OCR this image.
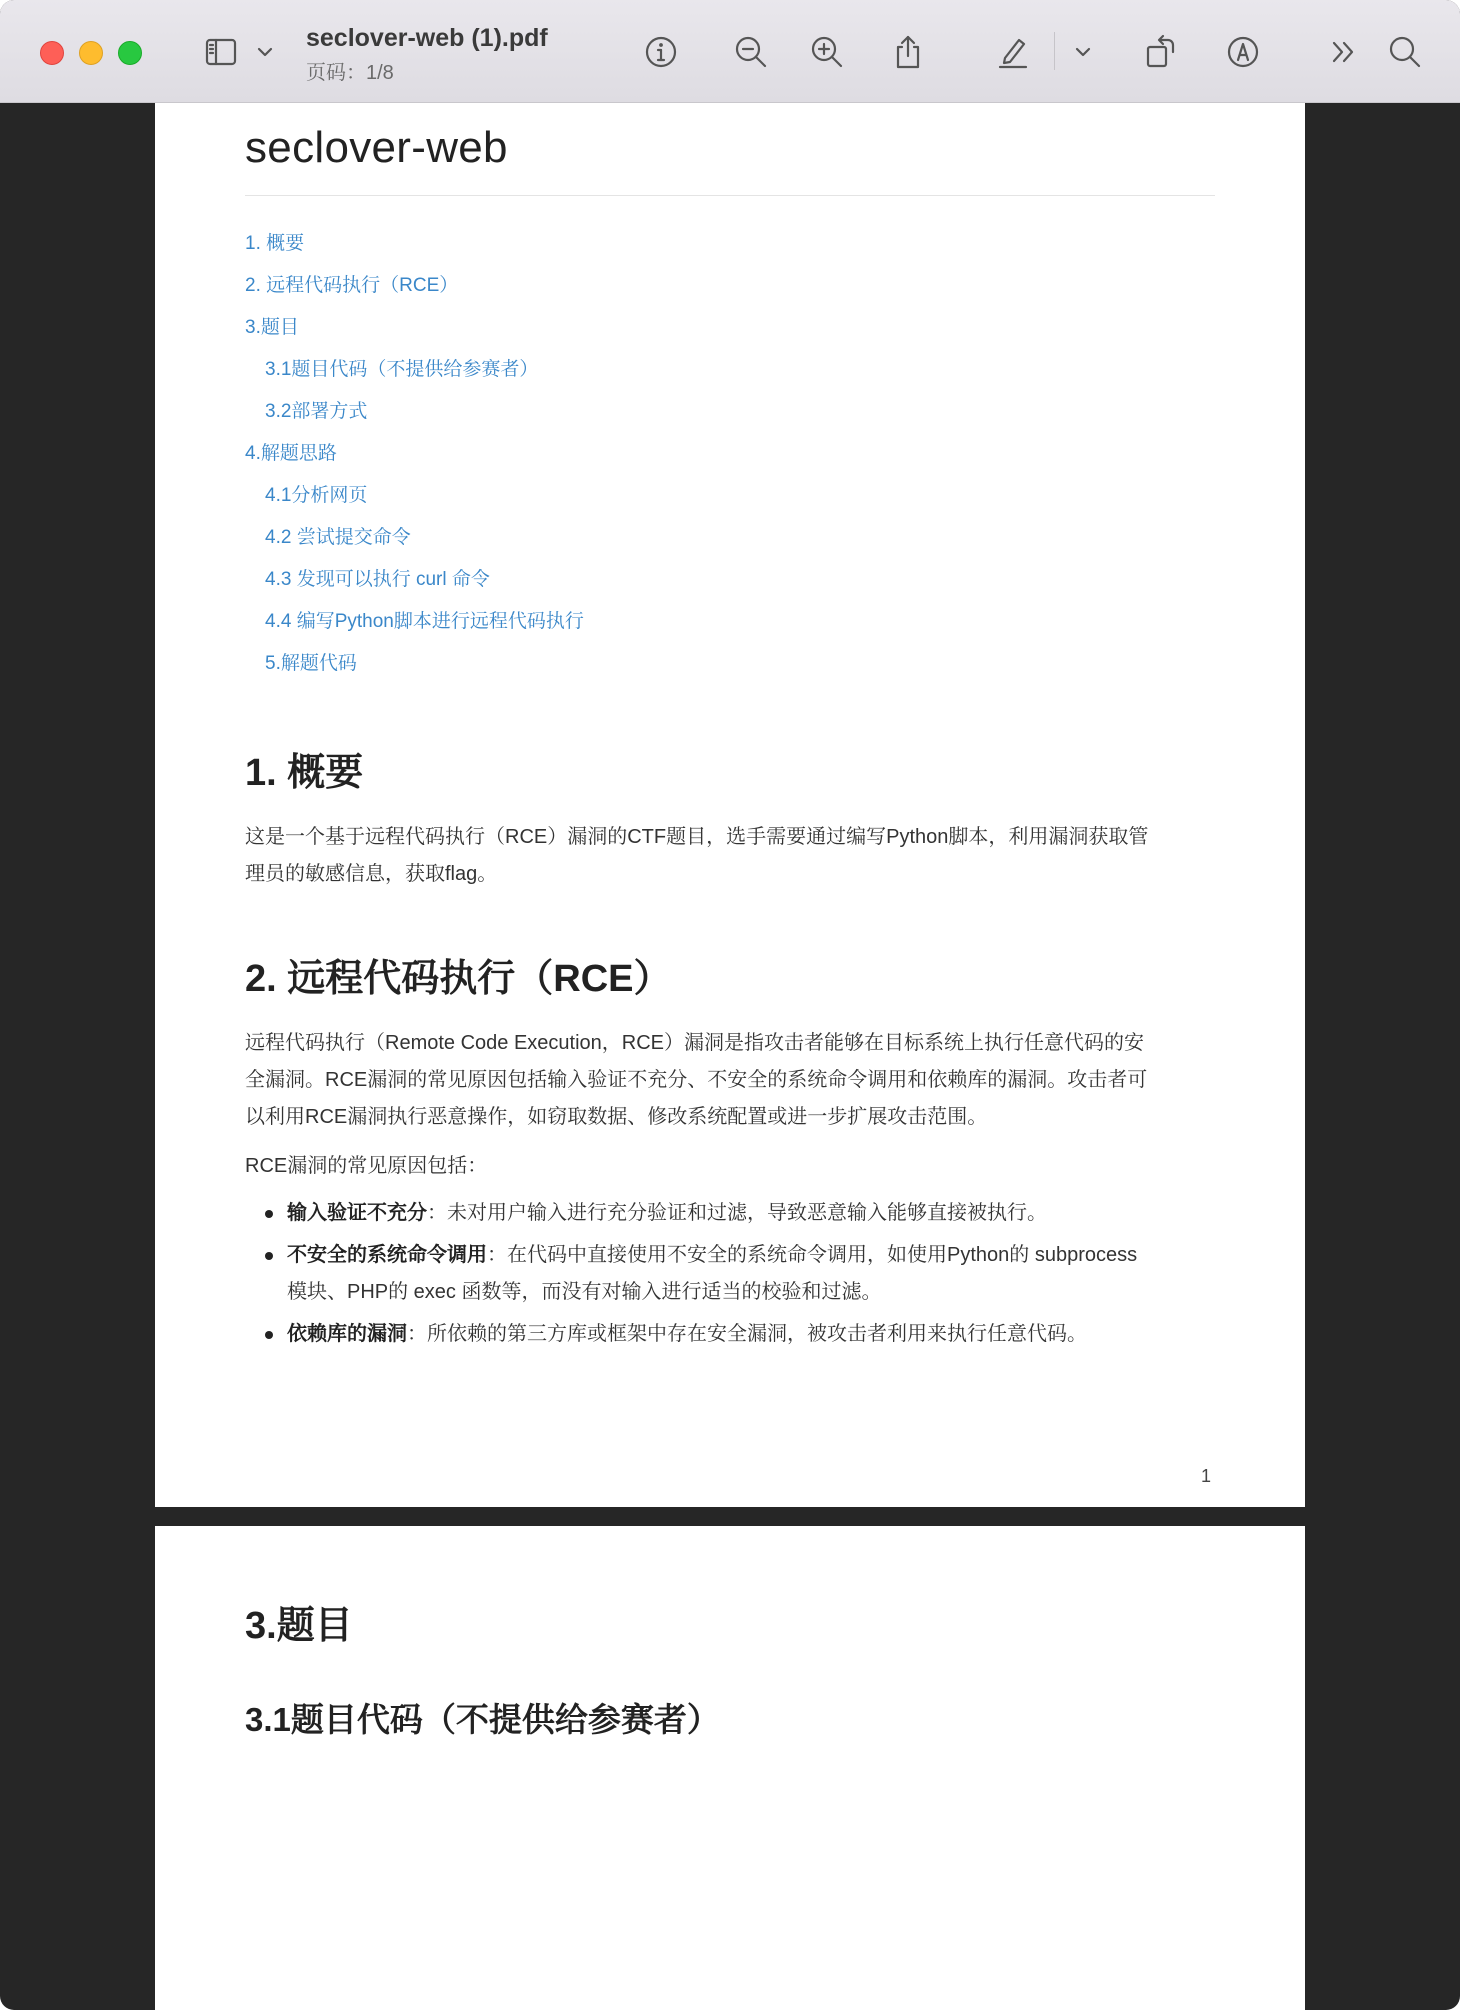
seclover-web (1).pdf
页码：1/8
seclover-web
1. 概要
2. 远程代码执行（RCE）
3.题目
3.1题目代码（不提供给参赛者）
3.2部署方式
4.解题思路
4.1分析网页
4.2 尝试提交命令
4.3 发现可以执行 curl 命令
4.4 编写Python脚本进行远程代码执行
5.解题代码
1. 概要
这是一个基于远程代码执行（RCE）漏洞的CTF题目，选手需要通过编写Python脚本，利用漏洞获取管
理员的敏感信息，获取flag。
2. 远程代码执行（RCE）
远程代码执行（Remote Code Execution，RCE）漏洞是指攻击者能够在目标系统上执行任意代码的安
全漏洞。RCE漏洞的常见原因包括输入验证不充分、不安全的系统命令调用和依赖库的漏洞。攻击者可
以利用RCE漏洞执行恶意操作，如窃取数据、修改系统配置或进一步扩展攻击范围。
RCE漏洞的常见原因包括：
输入验证不充分：未对用户输入进行充分验证和过滤，导致恶意输入能够直接被执行。
不安全的系统命令调用：在代码中直接使用不安全的系统命令调用，如使用Python的 subprocess
模块、PHP的 exec 函数等，而没有对输入进行适当的校验和过滤。
依赖库的漏洞：所依赖的第三方库或框架中存在安全漏洞，被攻击者利用来执行任意代码。
1
3.题目
3.1题目代码（不提供给参赛者）
